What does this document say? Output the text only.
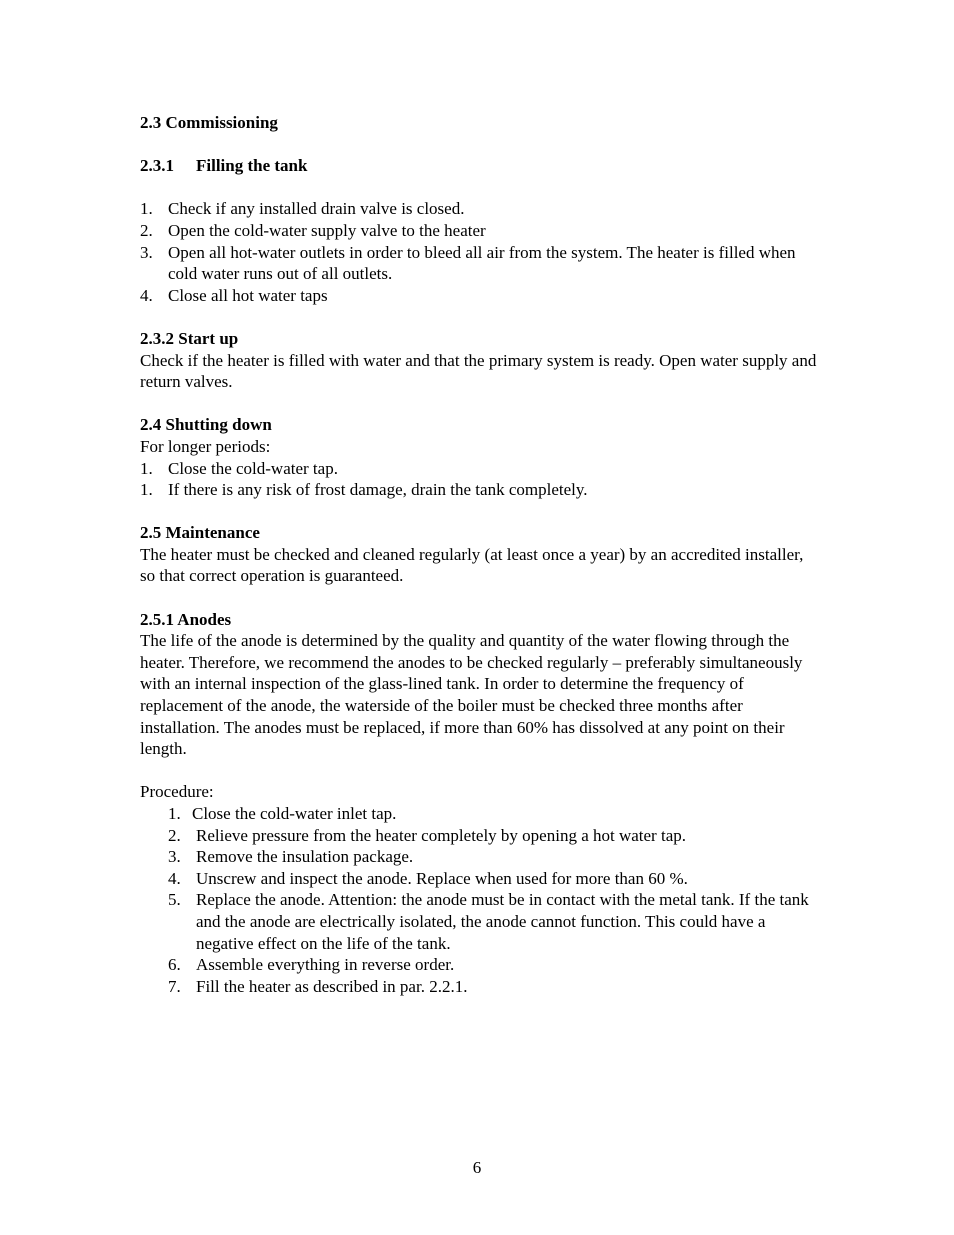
2.3 Commissioning

2.3.1 Filling the tank

1. Check if any installed drain valve is closed.
2. Open the cold-water supply valve to the heater
3. Open all hot-water outlets in order to bleed all air from the system. The heater is filled when cold water runs out of all outlets.
4. Close all hot water taps

2.3.2 Start up

Check if the heater is filled with water and that the primary system is ready. Open water supply and return valves.

2.4 Shutting down

For longer periods:

1. Close the cold-water tap.
1. If there is any risk of frost damage, drain the tank completely.

2.5 Maintenance

The heater must be checked and cleaned regularly (at least once a year) by an accredited installer, so that correct operation is guaranteed.

2.5.1 Anodes

The life of the anode is determined by the quality and quantity of the water flowing through the heater. Therefore, we recommend the anodes to be checked regularly – preferably simultaneously with an internal inspection of the glass-lined tank. In order to determine the frequency of replacement of the anode, the waterside of the boiler must be checked three months after installation. The anodes must be replaced, if more than 60% has dissolved at any point on their length.

Procedure:

1. Close the cold-water inlet tap.
2. Relieve pressure from the heater completely by opening a hot water tap.
3. Remove the insulation package.
4. Unscrew and inspect the anode. Replace when used for more than 60 %.
5. Replace the anode. Attention: the anode must be in contact with the metal tank. If the tank and the anode are electrically isolated, the anode cannot function. This could have a negative effect on the life of the tank.
6. Assemble everything in reverse order.
7. Fill the heater as described in par. 2.2.1.
6
